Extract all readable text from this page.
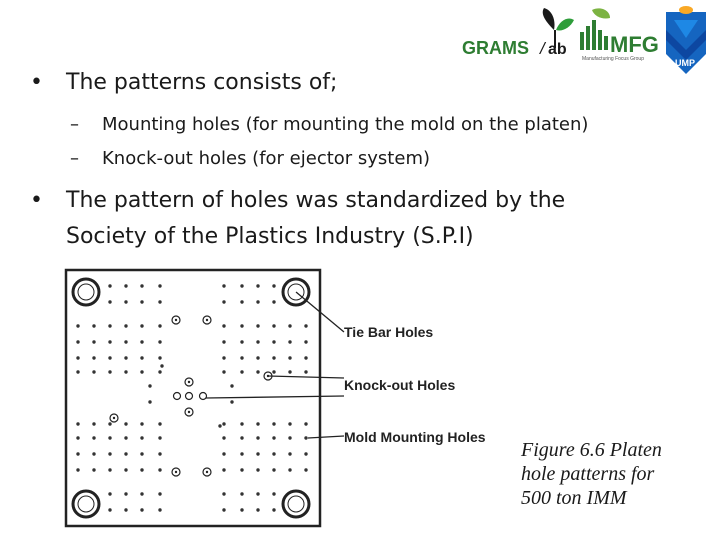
GRAMS / ab MFG
Manufacturing Focus Group	UMP
• The patterns consists of;
– Mounting holes (for mounting the mold on the platen)
– Knock-out holes (for ejector system)
• The pattern of holes was standardized by the
Society of the Plastics Industry (S.P.I)
Tie Bar Holes
Knock-out Holes
Mold Mounting Holes
Figure 6.6 Platen
hole patterns for
500 ton IMM
